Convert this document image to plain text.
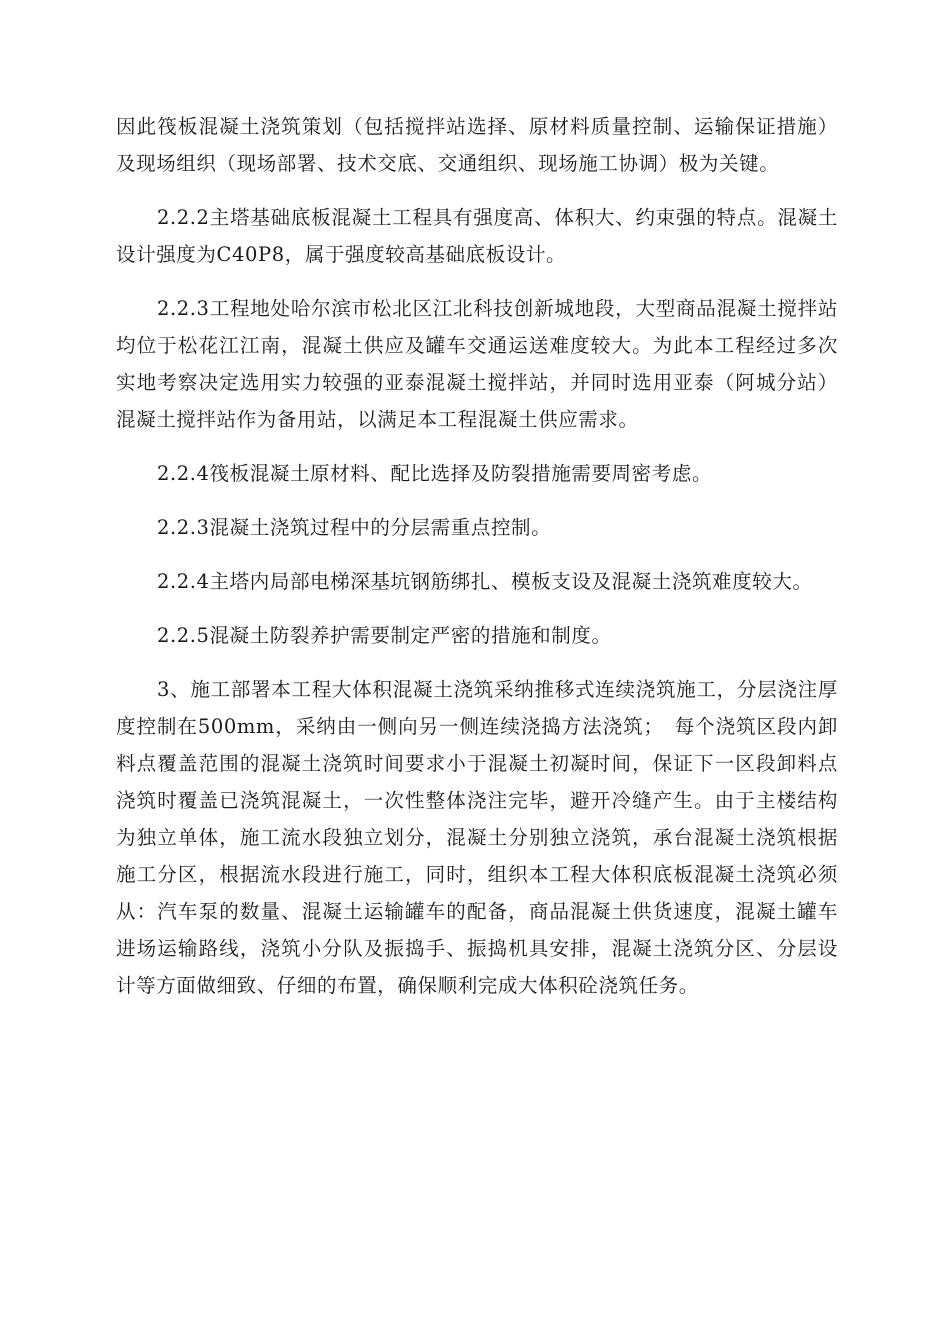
因此筏板混凝土浇筑策划（包括搅拌站选择、原材料质量控制、运输保证措施）及现场组织（现场部署、技术交底、交通组织、现场施工协调）极为关键。

2.2.2主塔基础底板混凝土工程具有强度高、体积大、约束强的特点。混凝土设计强度为C40P8，属于强度较高基础底板设计。

2.2.3工程地处哈尔滨市松北区江北科技创新城地段，大型商品混凝土搅拌站均位于松花江江南，混凝土供应及罐车交通运送难度较大。为此本工程经过多次实地考察决定选用实力较强的亚泰混凝土搅拌站，并同时选用亚泰（阿城分站）混凝土搅拌站作为备用站，以满足本工程混凝土供应需求。

2.2.4筏板混凝土原材料、配比选择及防裂措施需要周密考虑。

2.2.3混凝土浇筑过程中的分层需重点控制。

2.2.4主塔内局部电梯深基坑钢筋绑扎、模板支设及混凝土浇筑难度较大。

2.2.5混凝土防裂养护需要制定严密的措施和制度。

3、施工部署本工程大体积混凝土浇筑采纳推移式连续浇筑施工，分层浇注厚度控制在500mm，采纳由一侧向另一侧连续浇捣方法浇筑；　每个浇筑区段内卸料点覆盖范围的混凝土浇筑时间要求小于混凝土初凝时间，保证下一区段卸料点浇筑时覆盖已浇筑混凝土，一次性整体浇注完毕，避开冷缝产生。由于主楼结构为独立单体，施工流水段独立划分，混凝土分别独立浇筑，承台混凝土浇筑根据施工分区，根据流水段进行施工，同时，组织本工程大体积底板混凝土浇筑必须从：汽车泵的数量、混凝土运输罐车的配备，商品混凝土供货速度，混凝土罐车进场运输路线，浇筑小分队及振捣手、振捣机具安排，混凝土浇筑分区、分层设计等方面做细致、仔细的布置，确保顺利完成大体积砼浇筑任务。
